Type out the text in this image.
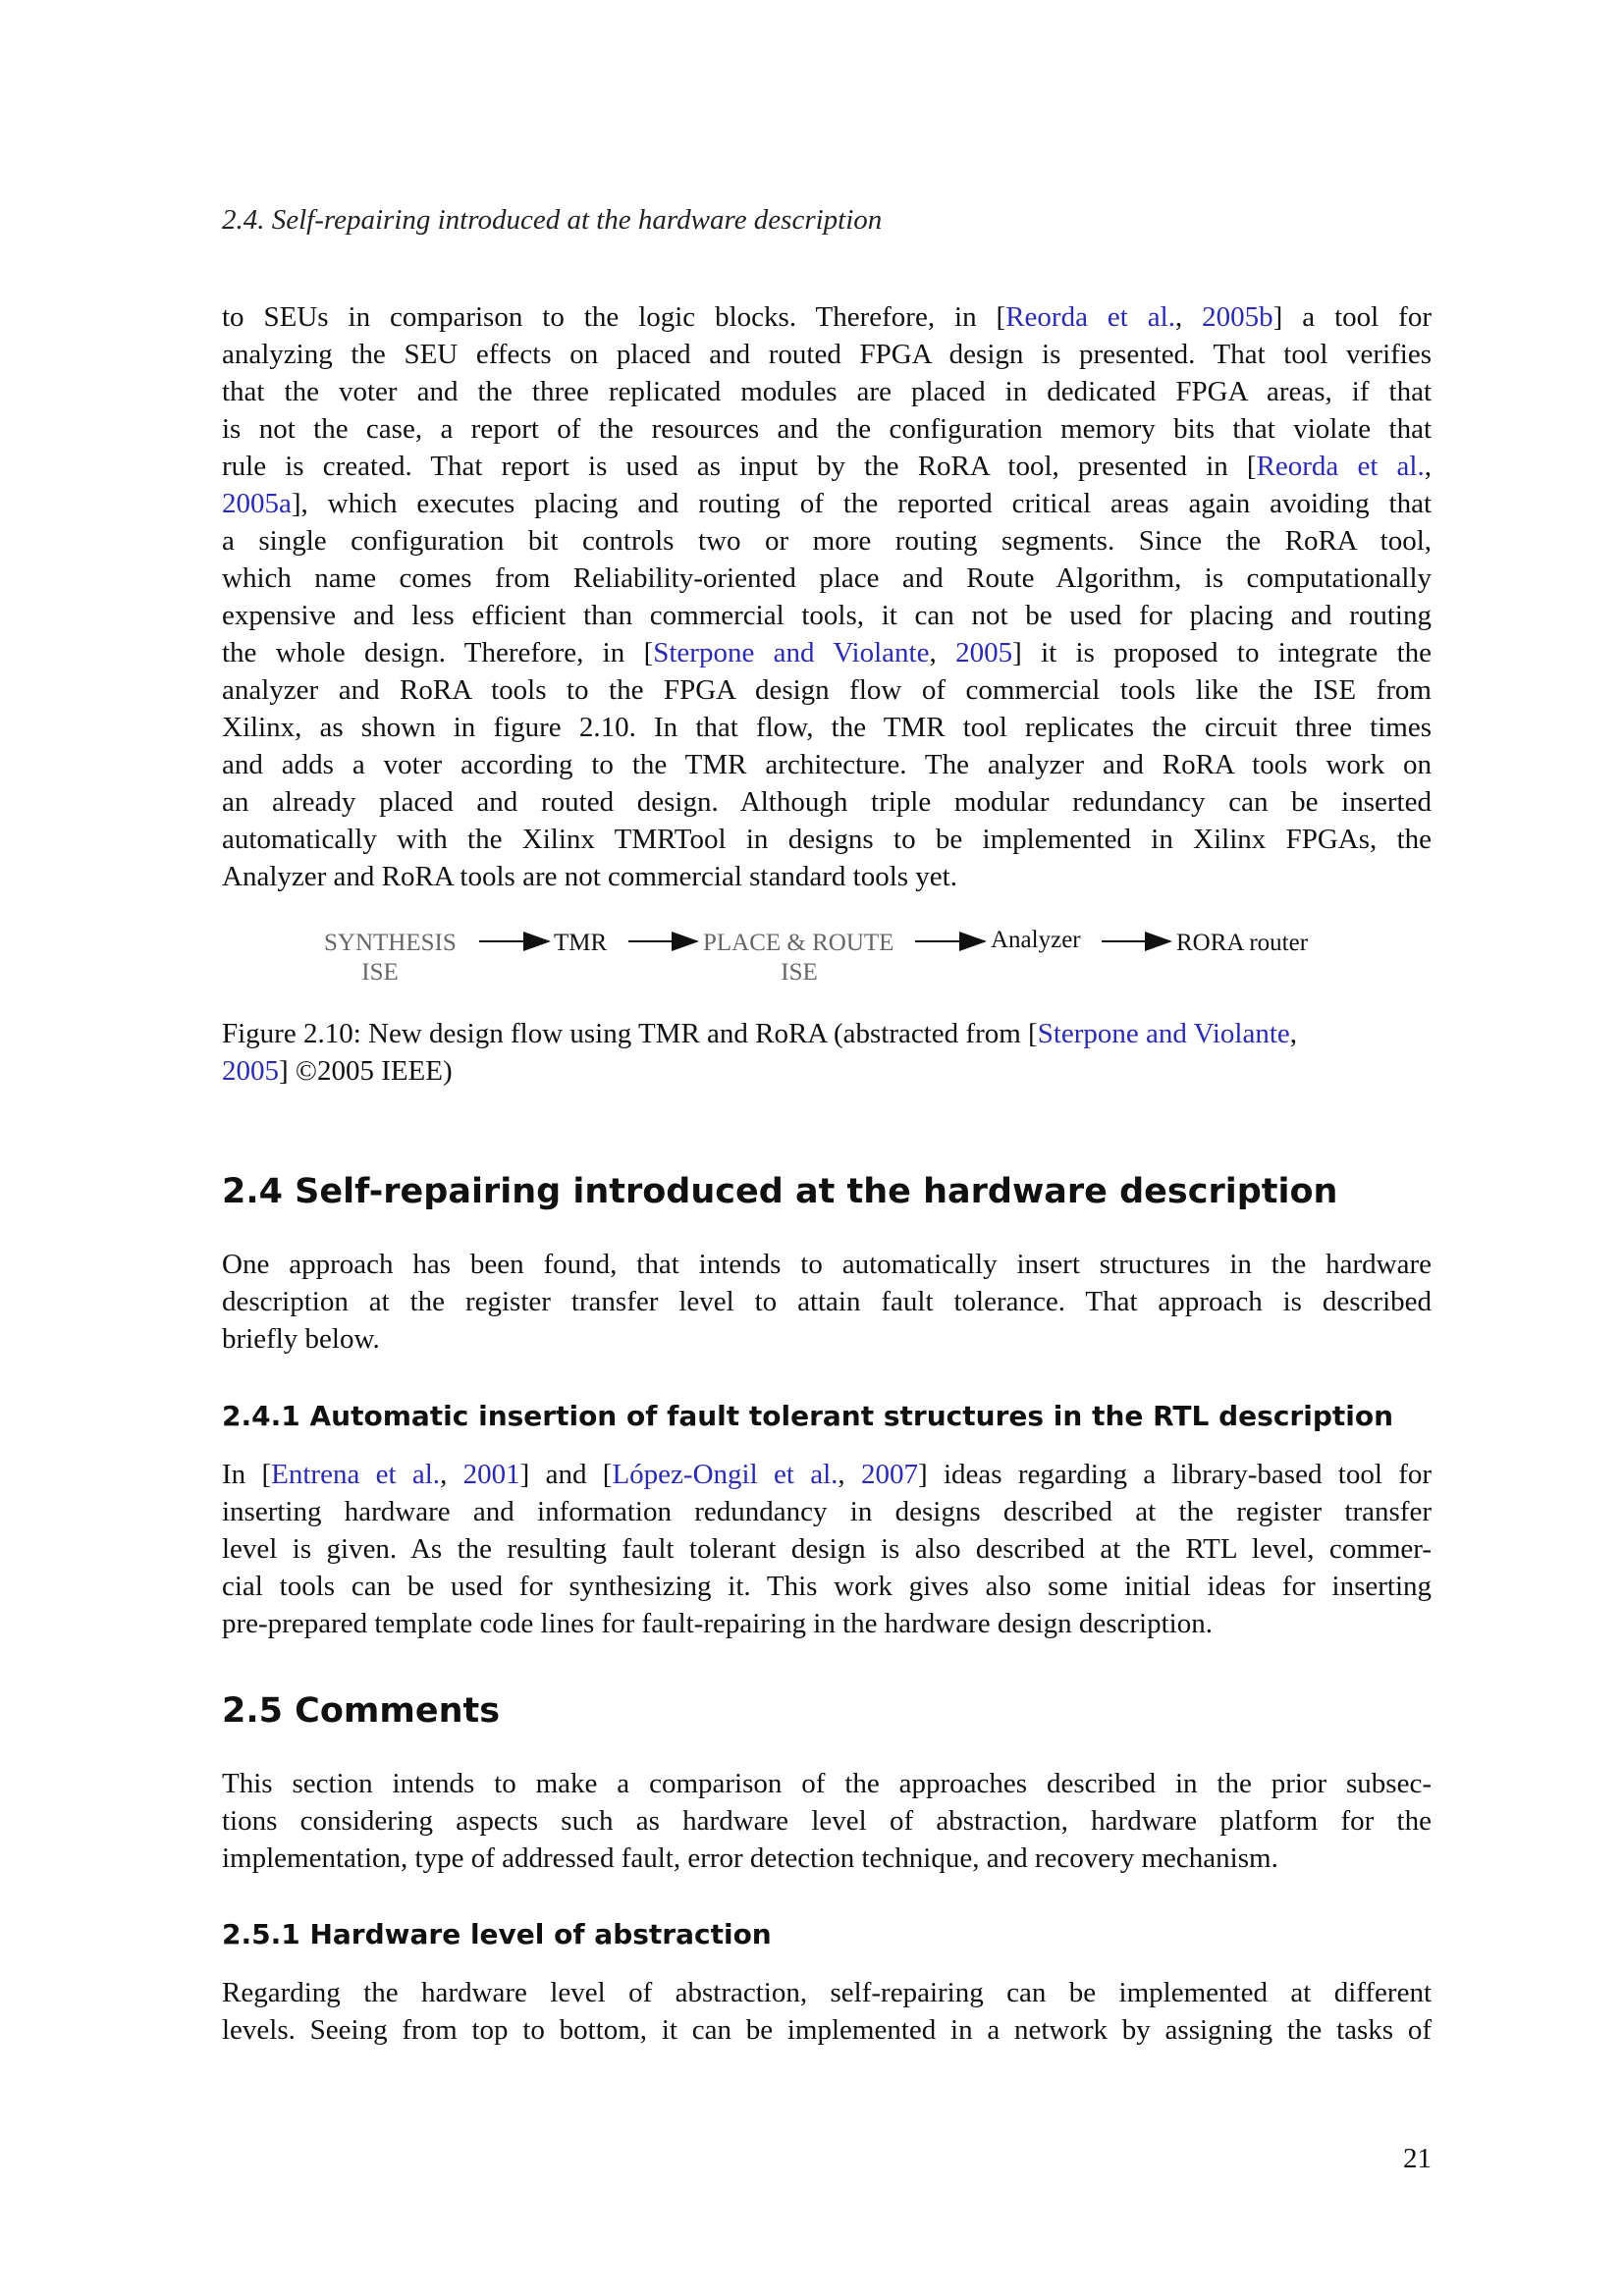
2.4. Self-repairing introduced at the hardware description
to SEUs in comparison to the logic blocks. Therefore, in [Reorda et al., 2005b] a tool for
analyzing the SEU effects on placed and routed FPGA design is presented. That tool verifies
that the voter and the three replicated modules are placed in dedicated FPGA areas, if that
is not the case, a report of the resources and the configuration memory bits that violate that
rule is created. That report is used as input by the RoRA tool, presented in [Reorda et al.,
2005a], which executes placing and routing of the reported critical areas again avoiding that
a single configuration bit controls two or more routing segments. Since the RoRA tool,
which name comes from Reliability-oriented place and Route Algorithm, is computationally
expensive and less efficient than commercial tools, it can not be used for placing and routing
the whole design. Therefore, in [Sterpone and Violante, 2005] it is proposed to integrate the
analyzer and RoRA tools to the FPGA design flow of commercial tools like the ISE from
Xilinx, as shown in figure 2.10. In that flow, the TMR tool replicates the circuit three times
and adds a voter according to the TMR architecture. The analyzer and RoRA tools work on
an already placed and routed design. Although triple modular redundancy can be inserted
automatically with the Xilinx TMRTool in designs to be implemented in Xilinx FPGAs, the
Analyzer and RoRA tools are not commercial standard tools yet.
SYNTHESIS
ISE
TMR	PLACE & ROUTE
ISE
Analyzer	RORA router
Figure 2.10: New design flow using TMR and RoRA (abstracted from [Sterpone and Violante,
2005] ©2005 IEEE)
2.4 Self-repairing introduced at the hardware description
One approach has been found, that intends to automatically insert structures in the hardware
description at the register transfer level to attain fault tolerance. That approach is described
briefly below.
2.4.1 Automatic insertion of fault tolerant structures in the RTL description
In [Entrena et al., 2001] and [López-Ongil et al., 2007] ideas regarding a library-based tool for
inserting hardware and information redundancy in designs described at the register transfer
level is given. As the resulting fault tolerant design is also described at the RTL level, commer-
cial tools can be used for synthesizing it. This work gives also some initial ideas for inserting
pre-prepared template code lines for fault-repairing in the hardware design description.
2.5 Comments
This section intends to make a comparison of the approaches described in the prior subsec-
tions considering aspects such as hardware level of abstraction, hardware platform for the
implementation, type of addressed fault, error detection technique, and recovery mechanism.
2.5.1 Hardware level of abstraction
Regarding the hardware level of abstraction, self-repairing can be implemented at different
levels. Seeing from top to bottom, it can be implemented in a network by assigning the tasks of
21
